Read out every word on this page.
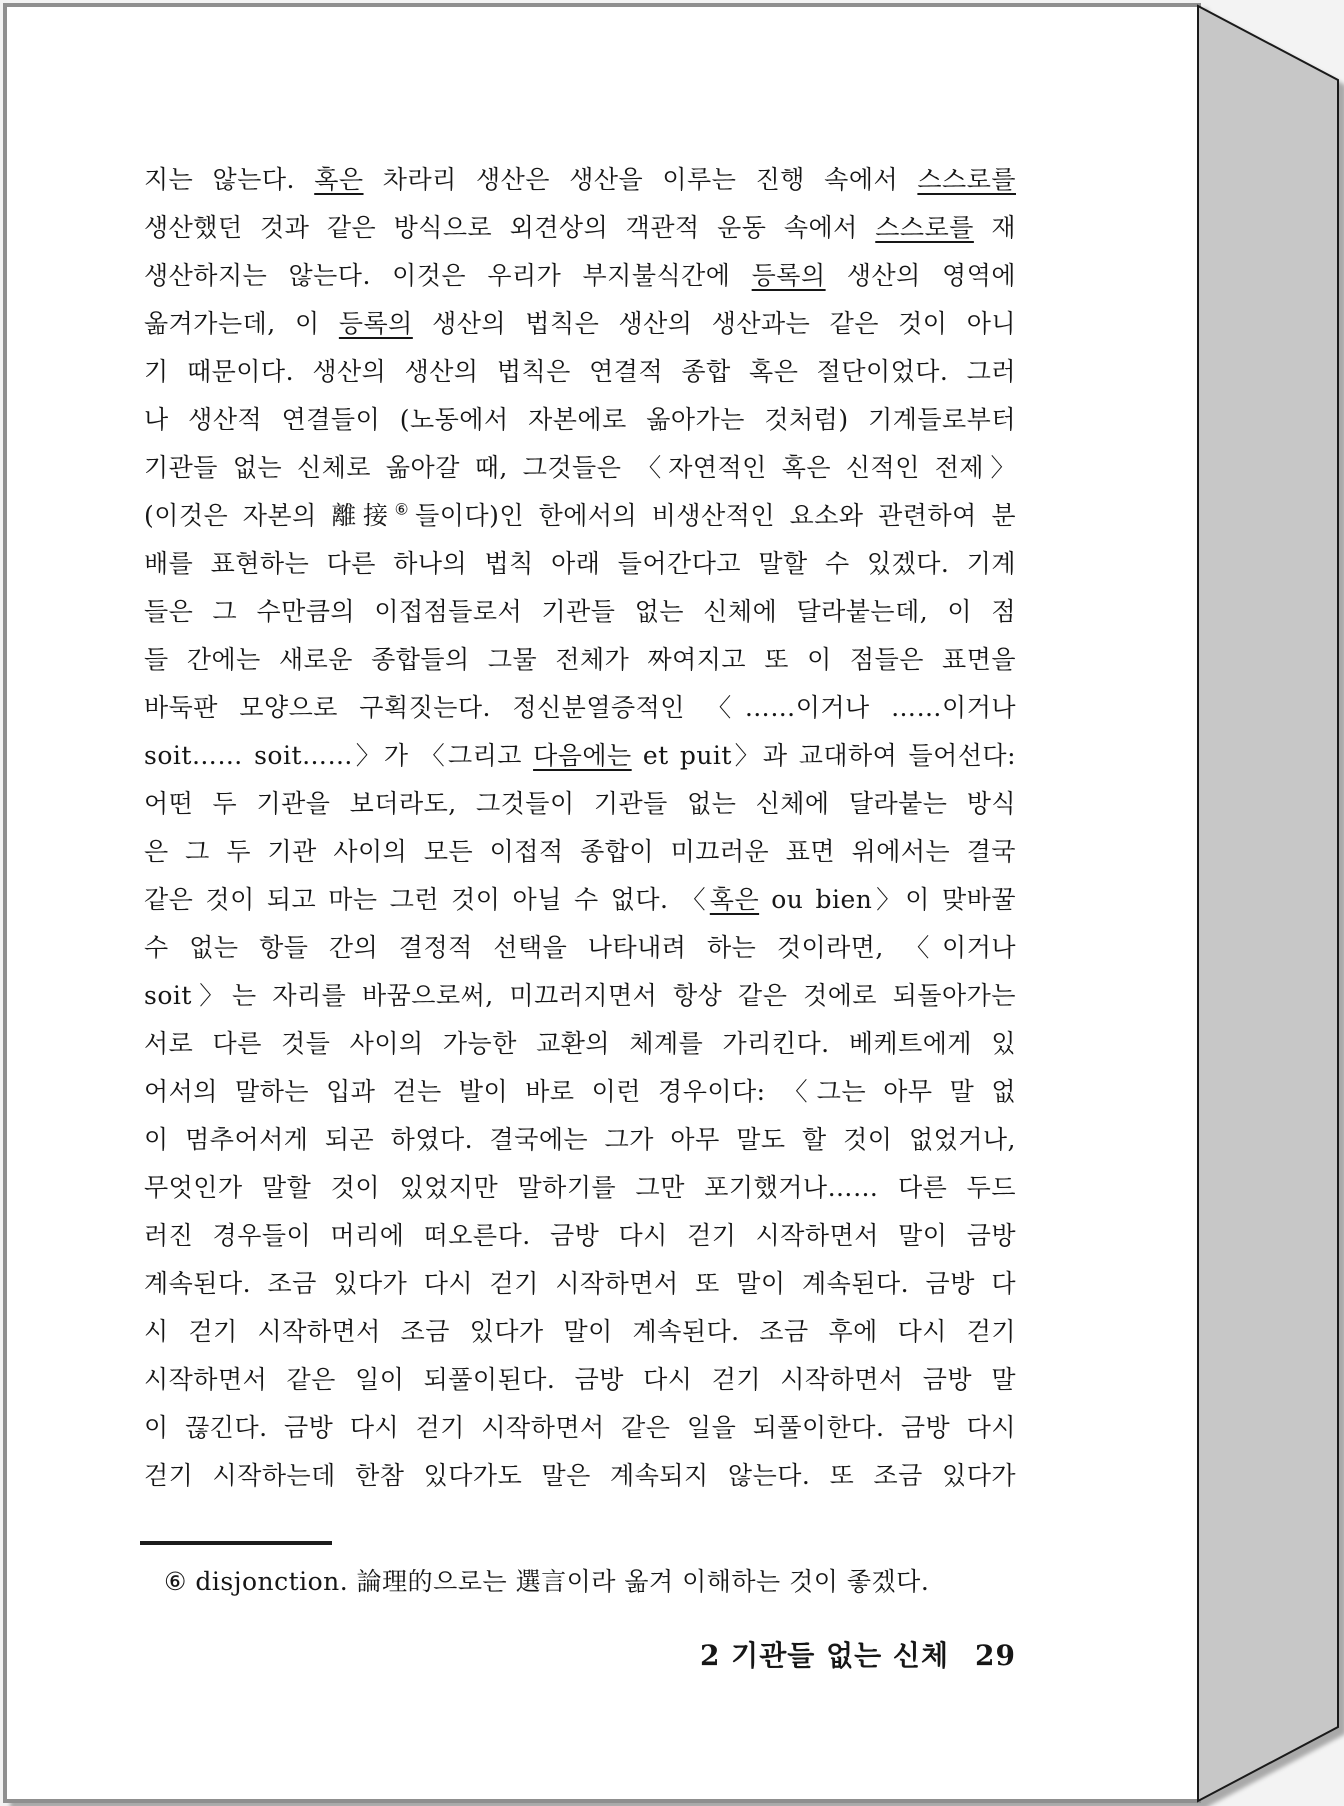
지는 않는다. 혹은 차라리 생산은 생산을 이루는 진행 속에서 스스로를
생산했던 것과 같은 방식으로 외견상의 객관적 운동 속에서 스스로를 재
생산하지는 않는다. 이것은 우리가 부지불식간에 등록의 생산의 영역에
옮겨가는데, 이 등록의 생산의 법칙은 생산의 생산과는 같은 것이 아니
기 때문이다. 생산의 생산의 법칙은 연결적 종합 혹은 절단이었다. 그러
나 생산적 연결들이 (노동에서 자본에로 옮아가는 것처럼) 기계들로부터
기관들 없는 신체로 옮아갈 때, 그것들은 〈자연적인 혹은 신적인 전제〉
(이것은 자본의 離接⑥들이다)인 한에서의 비생산적인 요소와 관련하여 분
배를 표현하는 다른 하나의 법칙 아래 들어간다고 말할 수 있겠다. 기계
들은 그 수만큼의 이접점들로서 기관들 없는 신체에 달라붙는데, 이 점
들 간에는 새로운 종합들의 그물 전체가 짜여지고 또 이 점들은 표면을
바둑판 모양으로 구획짓는다. 정신분열증적인 〈……이거나 ……이거나
soit…… soit……〉가 〈그리고 다음에는 et puit〉과 교대하여 들어선다:
어떤 두 기관을 보더라도, 그것들이 기관들 없는 신체에 달라붙는 방식
은 그 두 기관 사이의 모든 이접적 종합이 미끄러운 표면 위에서는 결국
같은 것이 되고 마는 그런 것이 아닐 수 없다. 〈혹은 ou bien〉이 맞바꿀
수 없는 항들 간의 결정적 선택을 나타내려 하는 것이라면, 〈이거나
soit〉는 자리를 바꿈으로써, 미끄러지면서 항상 같은 것에로 되돌아가는
서로 다른 것들 사이의 가능한 교환의 체계를 가리킨다. 베케트에게 있
어서의 말하는 입과 걷는 발이 바로 이런 경우이다: 〈그는 아무 말 없
이 멈추어서게 되곤 하였다. 결국에는 그가 아무 말도 할 것이 없었거나,
무엇인가 말할 것이 있었지만 말하기를 그만 포기했거나…… 다른 두드
러진 경우들이 머리에 떠오른다. 금방 다시 걷기 시작하면서 말이 금방
계속된다. 조금 있다가 다시 걷기 시작하면서 또 말이 계속된다. 금방 다
시 걷기 시작하면서 조금 있다가 말이 계속된다. 조금 후에 다시 걷기
시작하면서 같은 일이 되풀이된다. 금방 다시 걷기 시작하면서 금방 말
이 끊긴다. 금방 다시 걷기 시작하면서 같은 일을 되풀이한다. 금방 다시
걷기 시작하는데 한참 있다가도 말은 계속되지 않는다. 또 조금 있다가
⑥ disjonction. 論理的으로는 選言이라 옮겨 이해하는 것이 좋겠다.
2 기관들 없는 신체 29
